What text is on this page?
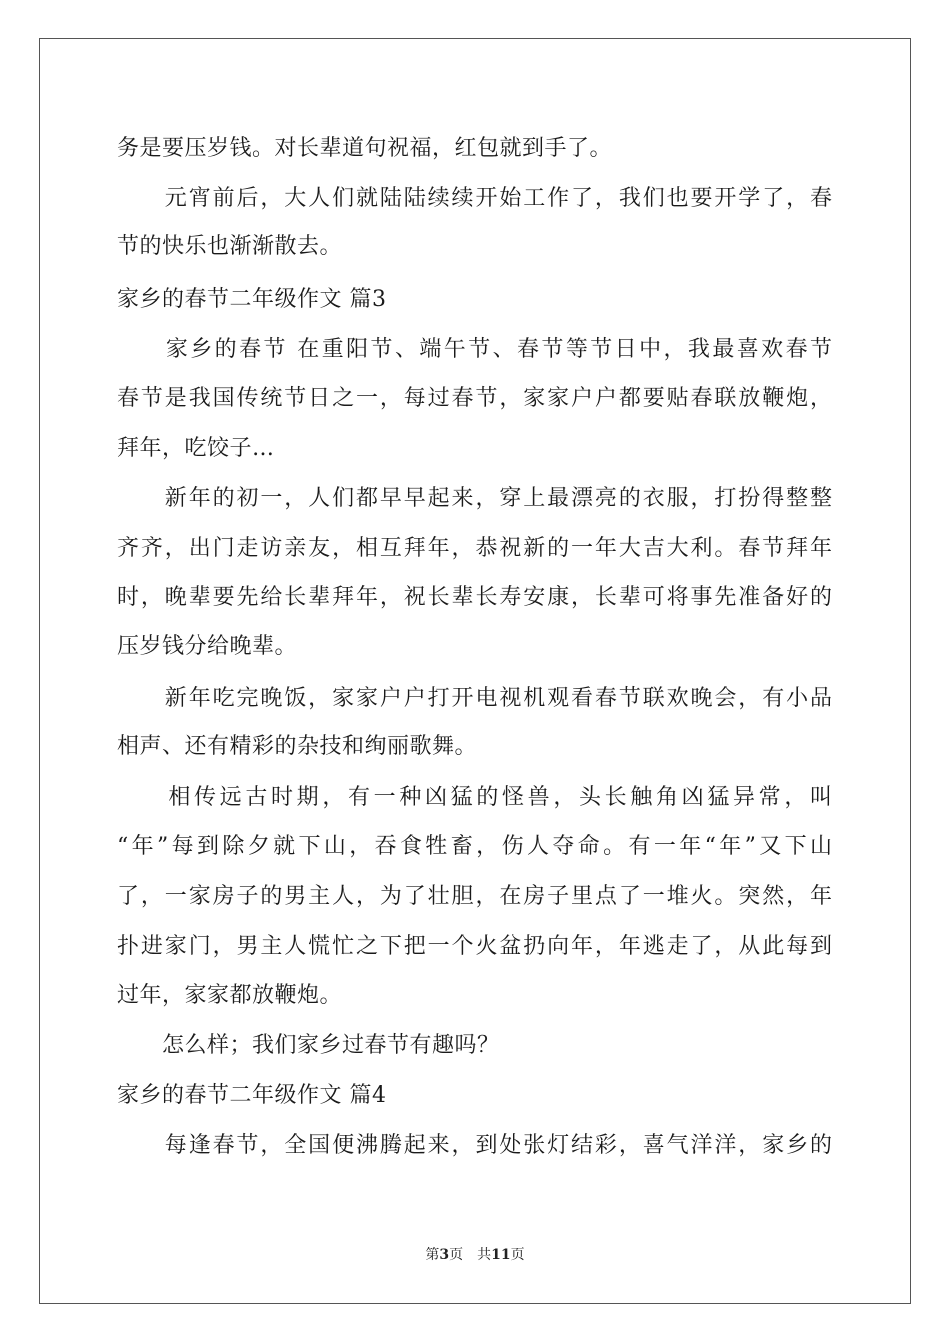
务是要压岁钱。对长辈道句祝福，红包就到手了。
　　元宵前后，大人们就陆陆续续开始工作了，我们也要开学了，春
节的快乐也渐渐散去。
家乡的春节二年级作文 篇3
　　家乡的春节 在重阳节、端午节、春节等节日中，我最喜欢春节
春节是我国传统节日之一，每过春节，家家户户都要贴春联放鞭炮，
拜年，吃饺子…
　　新年的初一，人们都早早起来，穿上最漂亮的衣服，打扮得整整
齐齐，出门走访亲友，相互拜年，恭祝新的一年大吉大利。春节拜年
时，晚辈要先给长辈拜年，祝长辈长寿安康，长辈可将事先准备好的
压岁钱分给晚辈。
　　新年吃完晚饭，家家户户打开电视机观看春节联欢晚会，有小品
相声、还有精彩的杂技和绚丽歌舞。
　　相传远古时期，有一种凶猛的怪兽，头长触角凶猛异常，叫
“年”每到除夕就下山，吞食牲畜，伤人夺命。有一年“年”又下山
了，一家房子的男主人，为了壮胆，在房子里点了一堆火。突然，年
扑进家门，男主人慌忙之下把一个火盆扔向年，年逃走了，从此每到
过年，家家都放鞭炮。
　　怎么样；我们家乡过春节有趣吗？
家乡的春节二年级作文 篇4
　　每逢春节，全国便沸腾起来，到处张灯结彩，喜气洋洋，家乡的
第3页　共11页
